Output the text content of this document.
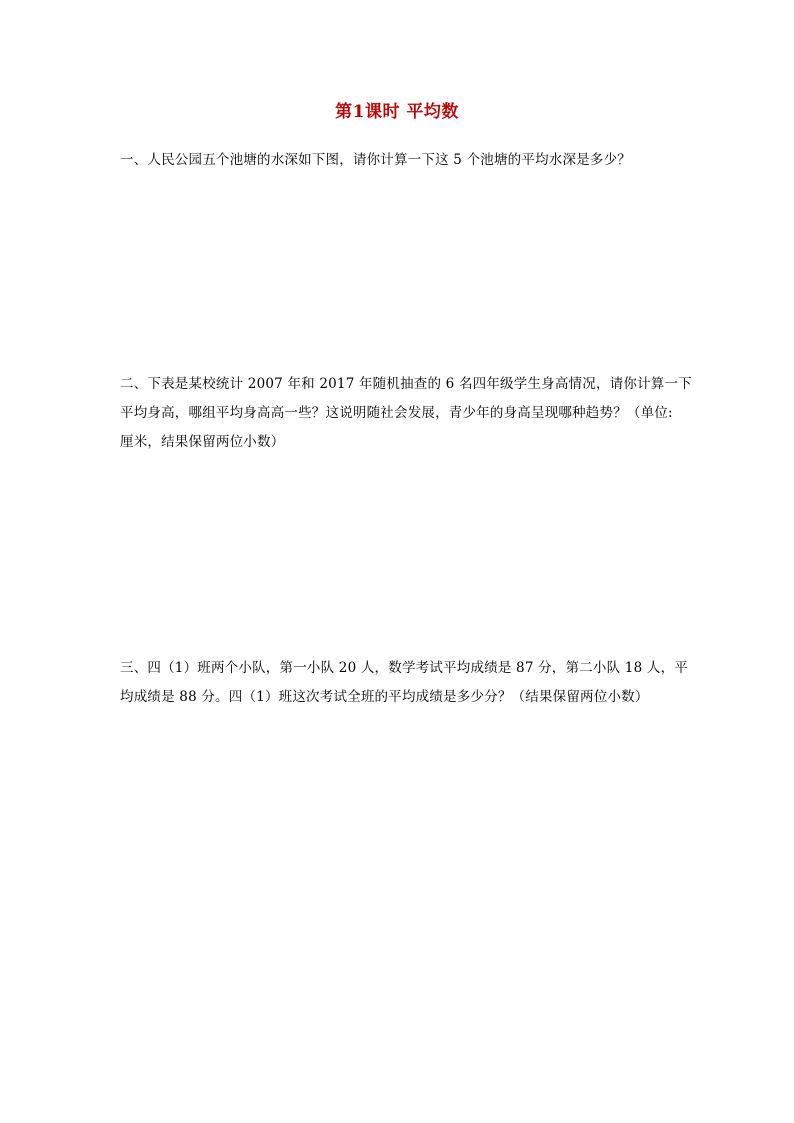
第1课时 平均数
一、人民公园五个池塘的水深如下图，请你计算一下这 5 个池塘的平均水深是多少？
二、下表是某校统计 2007 年和 2017 年随机抽查的 6 名四年级学生身高情况，请你计算一下
平均身高，哪组平均身高高一些？这说明随社会发展，青少年的身高呈现哪种趋势？（单位:
厘米，结果保留两位小数）
三、四（1）班两个小队，第一小队 20 人，数学考试平均成绩是 87 分，第二小队 18 人，平
均成绩是 88 分。四（1）班这次考试全班的平均成绩是多少分？（结果保留两位小数）
